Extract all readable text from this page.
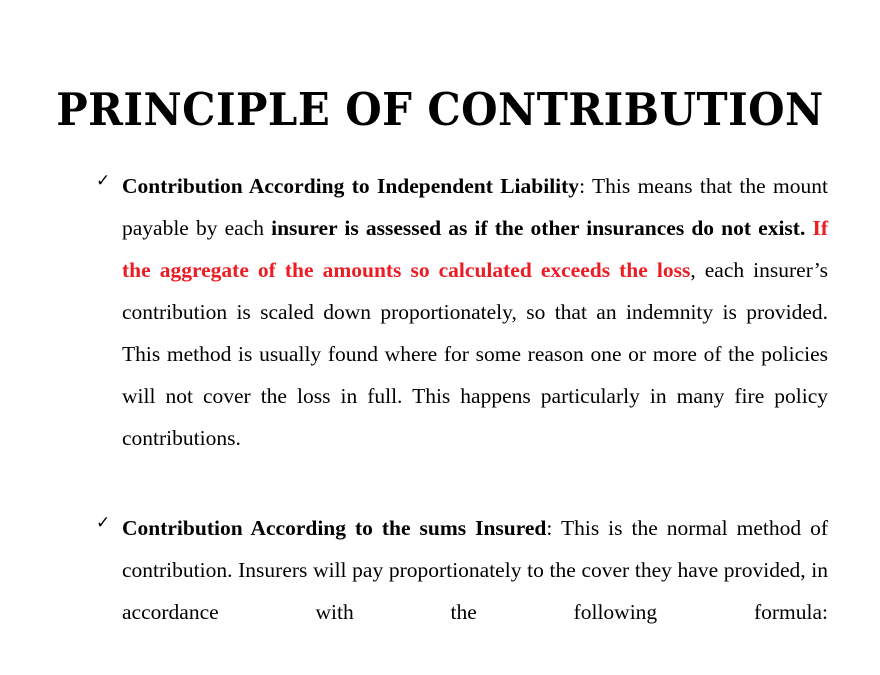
PRINCIPLE OF CONTRIBUTION
✓ Contribution According to Independent Liability: This means that the mount payable by each insurer is assessed as if the other insurances do not exist. If the aggregate of the amounts so calculated exceeds the loss, each insurer’s contribution is scaled down proportionately, so that an indemnity is provided. This method is usually found where for some reason one or more of the policies will not cover the loss in full. This happens particularly in many fire policy contributions.

✓ Contribution According to the sums Insured: This is the normal method of contribution. Insurers will pay proportionately to the cover they have provided, in accordance with the following formula:
